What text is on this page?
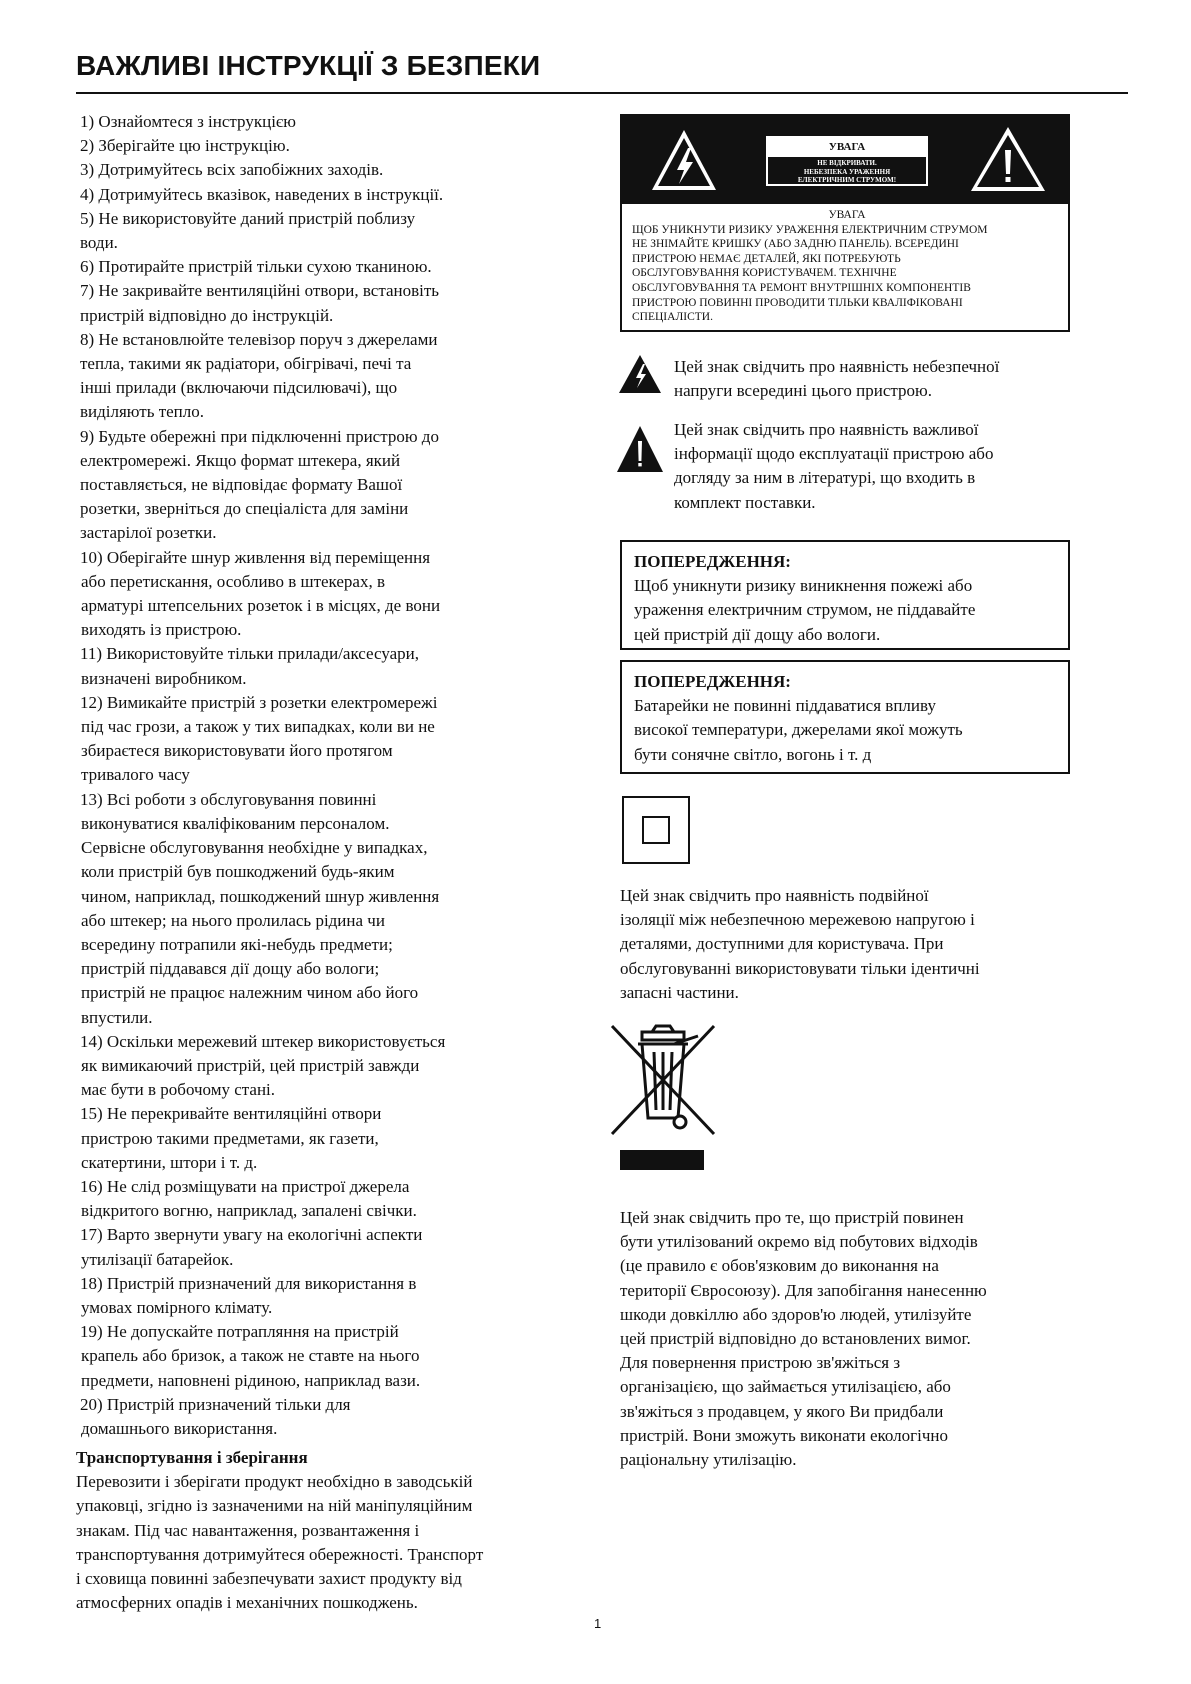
ВАЖЛИВІ ІНСТРУКЦІЇ З БЕЗПЕКИ
1) Ознайомтеся з інструкцією
2) Зберігайте цю інструкцію.
3) Дотримуйтесь всіх запобіжних заходів.
4) Дотримуйтесь вказівок, наведених в інструкції.
5) Не використовуйте даний пристрій поблизу
води.
6) Протирайте пристрій тільки сухою тканиною.
7) Не закривайте вентиляційні отвори, встановіть
пристрій відповідно до інструкцій.
8) Не встановлюйте телевізор поруч з джерелами
тепла, такими як радіатори, обігрівачі, печі та
інші прилади (включаючи підсилювачі), що
виділяють тепло.
9) Будьте обережні при підключенні пристрою до
електромережі. Якщо формат штекера, який
поставляється, не відповідає формату Вашої
розетки, зверніться до спеціаліста для заміни
застарілої розетки.
10) Оберігайте шнур живлення від переміщення
або перетискання, особливо в штекерах, в
арматурі штепсельних розеток і в місцях, де вони
виходять із пристрою.
11) Використовуйте тільки прилади/аксесуари,
визначені виробником.
12) Вимикайте пристрій з розетки електромережі
під час грози, а також у тих випадках, коли ви не
збираєтеся використовувати його протягом
тривалого часу
13) Всі роботи з обслуговування повинні
виконуватися кваліфікованим персоналом.
Сервісне обслуговування необхідне у випадках,
коли пристрій був пошкоджений будь-яким
чином, наприклад, пошкоджений шнур живлення
або штекер; на нього пролилась рідина чи
всередину потрапили які-небудь предмети;
пристрій піддавався дії дощу або вологи;
пристрій не працює належним чином або його
впустили.
14) Оскільки мережевий штекер використовується
як вимикаючий пристрій, цей пристрій завжди
має бути в робочому стані.
15) Не перекривайте вентиляційні отвори
пристрою такими предметами, як газети,
скатертини, штори і т. д.
16) Не слід розміщувати на пристрої джерела
відкритого вогню, наприклад, запалені свічки.
17) Варто звернути увагу на екологічні аспекти
утилізації батарейок.
18) Пристрій призначений для використання в
умовах помірного клімату.
19) Не допускайте потрапляння на пристрій
крапель або бризок, а також не ставте на нього
предмети, наповнені рідиною, наприклад вази.
20) Пристрій призначений тільки для
домашнього використання.
Транспортування і зберігання
Перевозити і зберігати продукт необхідно в заводській
упаковці, згідно із зазначеними на ній маніпуляційним
знакам. Під час навантаження, розвантаження і
транспортування дотримуйтеся обережності. Транспорт
і сховища повинні забезпечувати захист продукту від
атмосферних опадів і механічних пошкоджень.
УВАГА
НЕ ВІДКРИВАТИ.
НЕБЕЗПЕКА УРАЖЕННЯ
ЕЛЕКТРИЧНИМ СТРУМОМ!
УВАГА
ЩОБ УНИКНУТИ РИЗИКУ УРАЖЕННЯ ЕЛЕКТРИЧНИМ СТРУМОМ
НЕ ЗНІМАЙТЕ КРИШКУ (АБО ЗАДНЮ ПАНЕЛЬ). ВСЕРЕДИНІ
ПРИСТРОЮ НЕМАЄ ДЕТАЛЕЙ, ЯКІ ПОТРЕБУЮТЬ
ОБСЛУГОВУВАННЯ КОРИСТУВАЧЕМ. ТЕХНІЧНЕ
ОБСЛУГОВУВАННЯ ТА РЕМОНТ ВНУТРІШНІХ КОМПОНЕНТІВ
ПРИСТРОЮ ПОВИННІ ПРОВОДИТИ ТІЛЬКИ КВАЛІФІКОВАНІ
СПЕЦІАЛІСТИ.
Цей знак свідчить про наявність небезпечної
напруги всередині цього пристрою.
Цей знак свідчить про наявність важливої
інформації щодо експлуатації пристрою або
догляду за ним в літературі, що входить в
комплект поставки.
ПОПЕРЕДЖЕННЯ:
Щоб уникнути ризику виникнення пожежі або
ураження електричним струмом, не піддавайте
цей пристрій дії дощу або вологи.
ПОПЕРЕДЖЕННЯ:
Батарейки не повинні піддаватися впливу
високої температури, джерелами якої можуть
бути сонячне світло, вогонь і т. д
Цей знак свідчить про наявність подвійної
ізоляції між небезпечною мережевою напругою і
деталями, доступними для користувача. При
обслуговуванні використовувати тільки ідентичні
запасні частини.
Цей знак свідчить про те, що пристрій повинен
бути утилізований окремо від побутових відходів
(це правило є обов'язковим до виконання на
території Євросоюзу). Для запобігання нанесенню
шкоди довкіллю або здоров'ю людей, утилізуйте
цей пристрій відповідно до встановлених вимог.
Для повернення пристрою зв'яжіться з
організацією, що займається утилізацією, або
зв'яжіться з продавцем, у якого Ви придбали
пристрій. Вони зможуть виконати екологічно
раціональну утилізацію.
1
